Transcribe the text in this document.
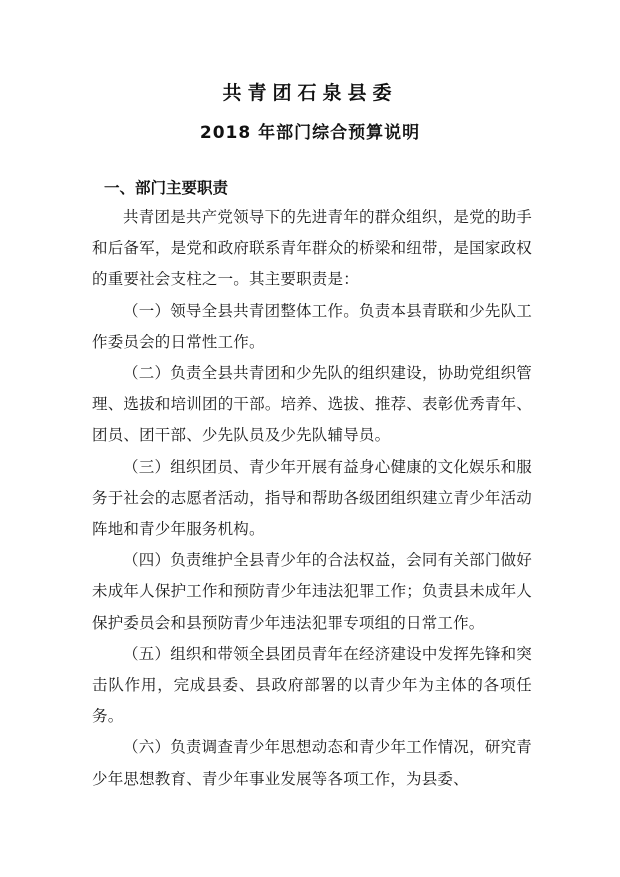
共青团石泉县委
2018 年部门综合预算说明
一、部门主要职责

共青团是共产党领导下的先进青年的群众组织，是党的助手和后备军，是党和政府联系青年群众的桥梁和纽带，是国家政权的重要社会支柱之一。其主要职责是：

（一）领导全县共青团整体工作。负责本县青联和少先队工作委员会的日常性工作。

（二）负责全县共青团和少先队的组织建设，协助党组织管理、选拔和培训团的干部。培养、选拔、推荐、表彰优秀青年、团员、团干部、少先队员及少先队辅导员。

（三）组织团员、青少年开展有益身心健康的文化娱乐和服务于社会的志愿者活动，指导和帮助各级团组织建立青少年活动阵地和青少年服务机构。

（四）负责维护全县青少年的合法权益，会同有关部门做好未成年人保护工作和预防青少年违法犯罪工作；负责县未成年人保护委员会和县预防青少年违法犯罪专项组的日常工作。

（五）组织和带领全县团员青年在经济建设中发挥先锋和突击队作用，完成县委、县政府部署的以青少年为主体的各项任务。

（六）负责调查青少年思想动态和青少年工作情况，研究青少年思想教育、青少年事业发展等各项工作，为县委、
